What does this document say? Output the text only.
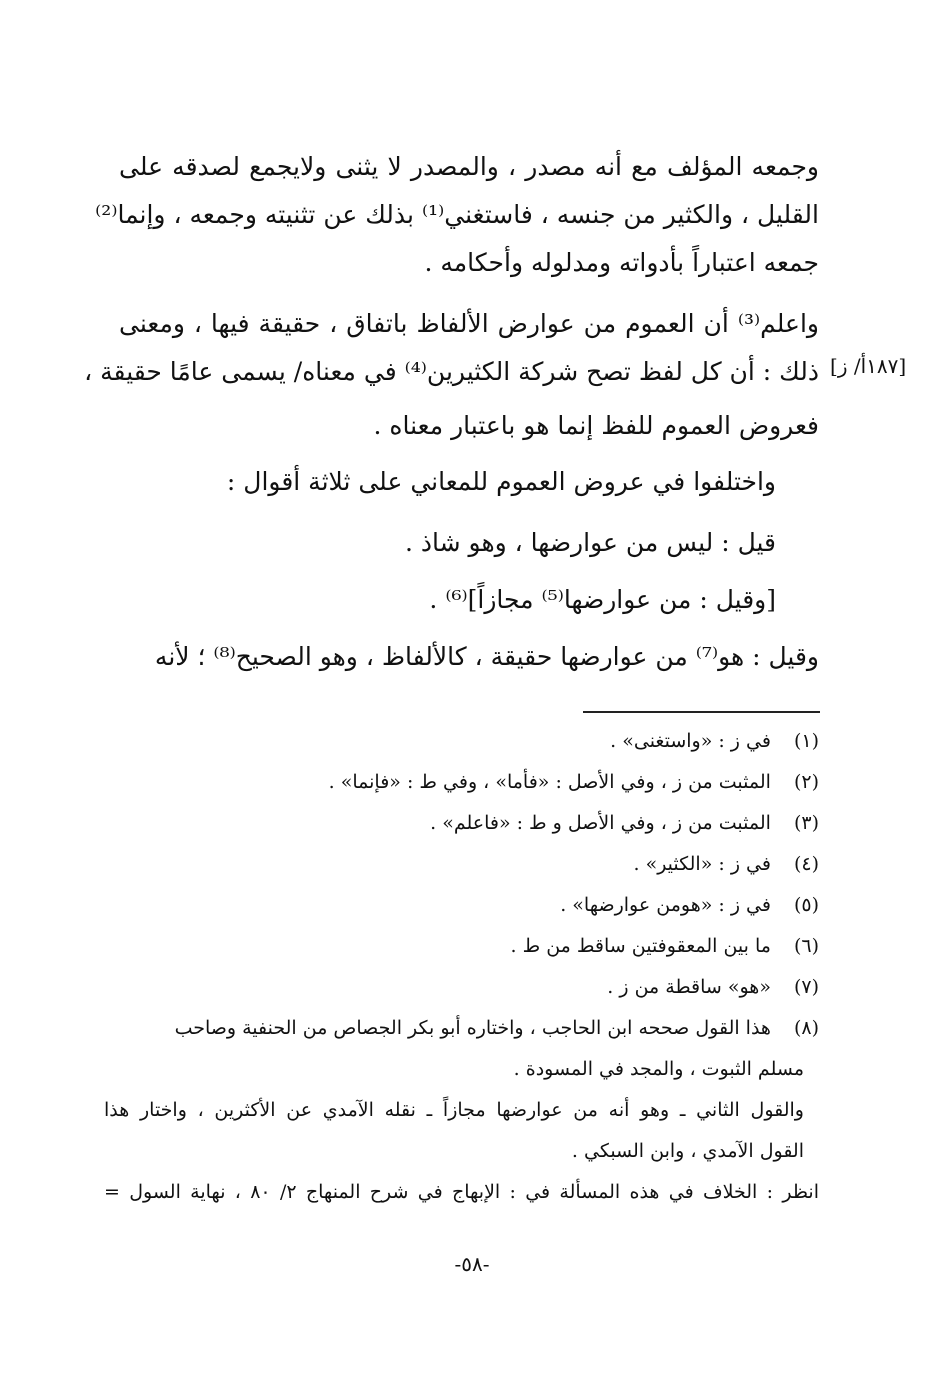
وجمعه المؤلف مع أنه مصدر ، والمصدر لا يثنى ولايجمع لصدقه على
القليل ، والكثير من جنسه ، فاستغني⁽¹⁾ بذلك عن تثنيته وجمعه ، وإنما⁽²⁾
جمعه اعتباراً بأدواته ومدلوله وأحكامه .
واعلم⁽³⁾ أن العموم من عوارض الألفاظ باتفاق ، حقيقة فيها ، ومعنى
ذلك : أن كل لفظ تصح شركة الكثيرين⁽⁴⁾ في معناه/ يسمى عامًا حقيقة ،
فعروض العموم للفظ إنما هو باعتبار معناه .
[١٨٧أ/ ز]
واختلفوا في عروض العموم للمعاني على ثلاثة أقوال :
قيل : ليس من عوارضها ، وهو شاذ .
[وقيل : من عوارضها⁽⁵⁾ مجازاً]⁽⁶⁾ .
وقيل : هو⁽⁷⁾ من عوارضها حقيقة ، كالألفاظ ، وهو الصحيح⁽⁸⁾ ؛ لأنه
(١) في ز : «واستغنى» .
(٢) المثبت من ز ، وفي الأصل : «فأما» ، وفي ط : «فإنما» .
(٣) المثبت من ز ، وفي الأصل و ط : «فاعلم» .
(٤) في ز : «الكثير» .
(٥) في ز : «هومن عوارضها» .
(٦) ما بين المعقوفتين ساقط من ط .
(٧) «هو» ساقطة من ز .
(٨) هذا القول صححه ابن الحاجب ، واختاره أبو بكر الجصاص من الحنفية وصاحب
مسلم الثبوت ، والمجد في المسودة .
والقول الثاني ـ وهو أنه من عوارضها مجازاً ـ نقله الآمدي عن الأكثرين ، واختار هذا
القول الآمدي ، وابن السبكي .
انظر : الخلاف في هذه المسألة في : الإبهاج في شرح المنهاج ٢/ ٨٠ ، نهاية السول =
-٥٨-
